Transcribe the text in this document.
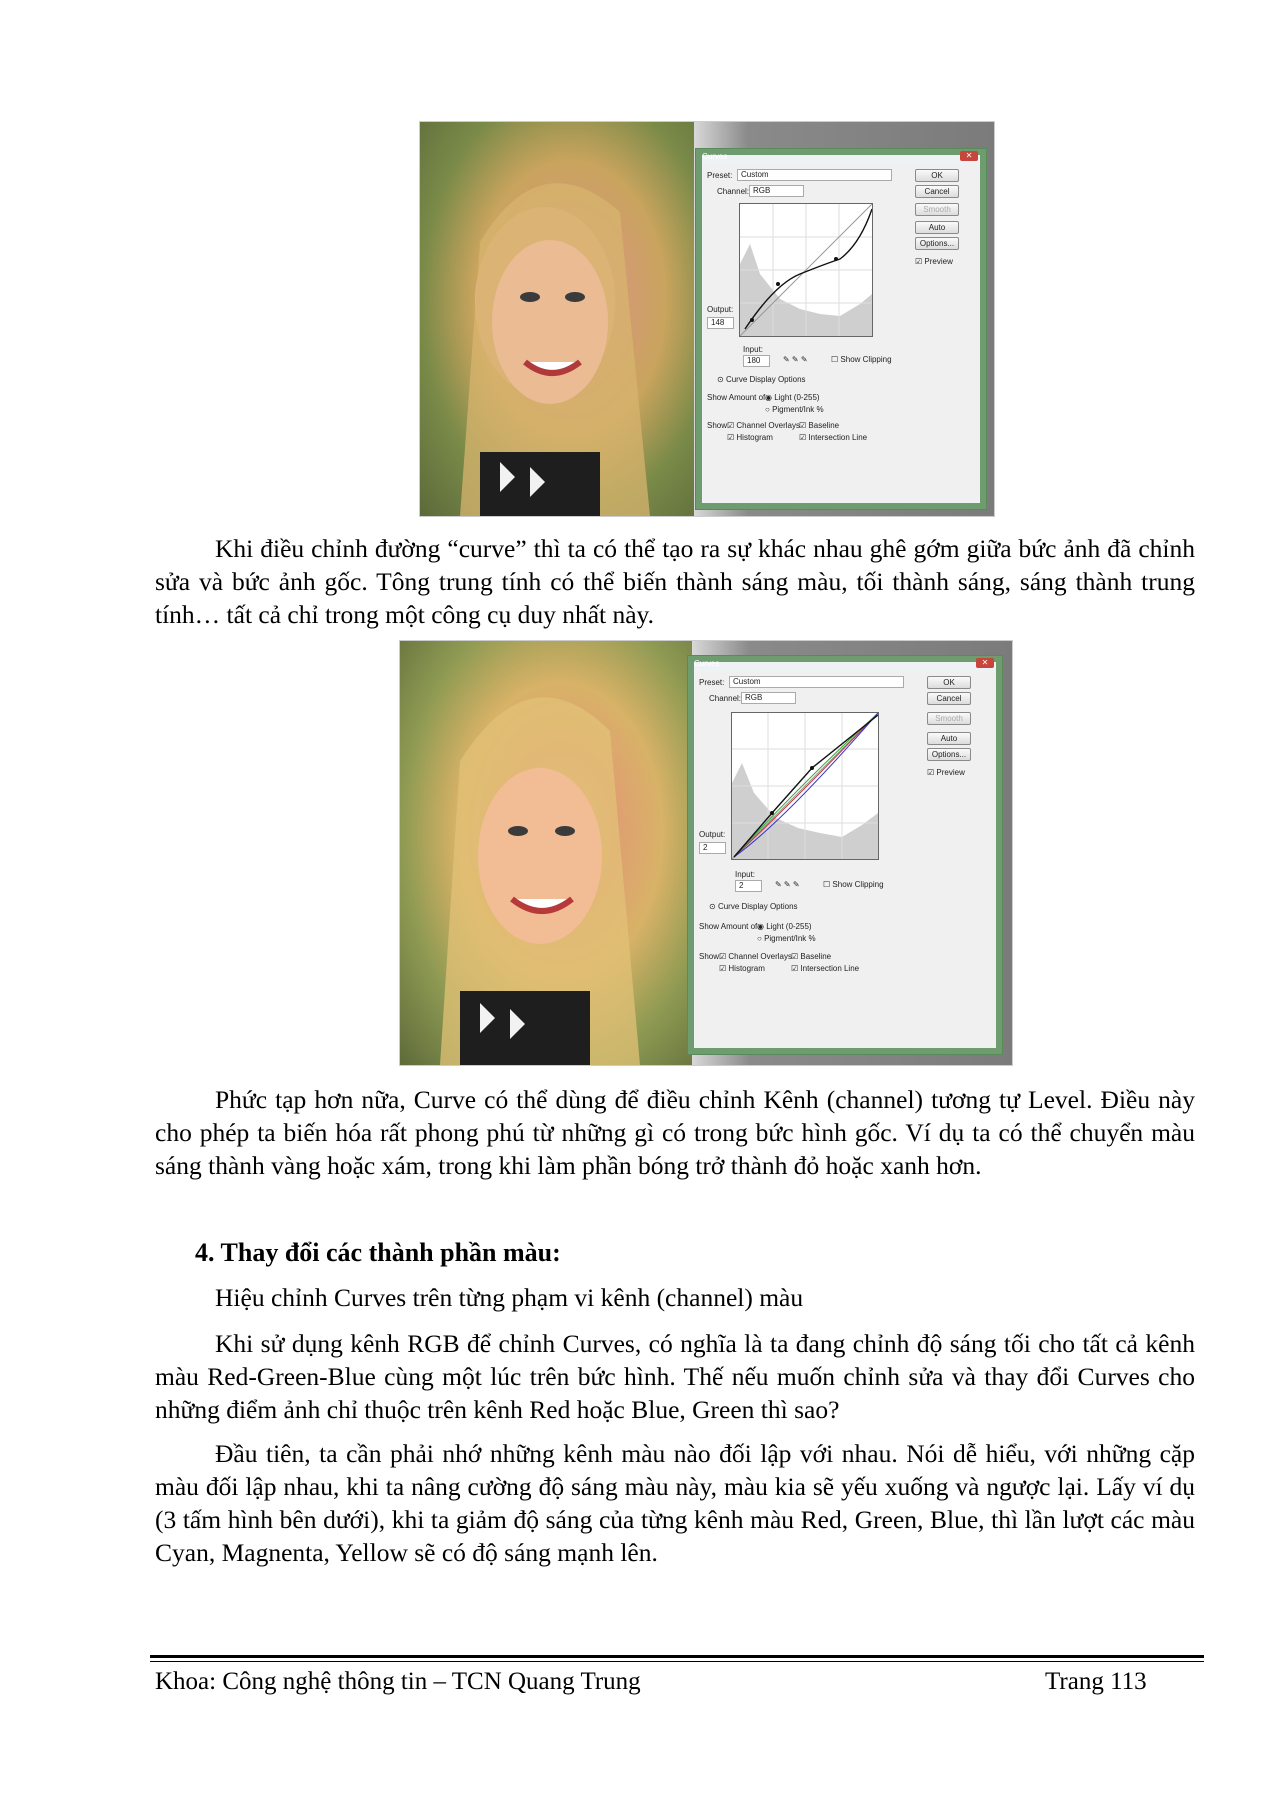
Curves	✕
Preset:	Custom
Channel: RGB
OK
Cancel
Smooth
Auto
Options...
☑ Preview
Output:
148
Input:
180	✎ ✎ ✎	☐ Show Clipping
⊙ Curve Display Options
Show Amount of:
◉ Light (0-255)
○ Pigment/Ink %
Show:
☑ Channel Overlays ☑ Baseline
☑ Histogram	☑ Intersection Line

Khi điều chỉnh đường “curve” thì ta có thể tạo ra sự khác nhau ghê gớm giữa bức ảnh đã chỉnh sửa và bức ảnh gốc. Tông trung tính có thể biến thành sáng màu, tối thành sáng, sáng thành trung tính… tất cả chỉ trong một công cụ duy nhất này.

Curves	✕
Preset:	Custom
Channel: RGB
OK
Cancel
Smooth
Auto
Options...
☑ Preview
Output:
2
Input:
2	✎ ✎ ✎	☐ Show Clipping
⊙ Curve Display Options
Show Amount of:
◉ Light (0-255)
○ Pigment/Ink %
Show:
☑ Channel Overlays ☑ Baseline
☑ Histogram	☑ Intersection Line

Phức tạp hơn nữa, Curve có thể dùng để điều chỉnh Kênh (channel) tương tự Level. Điều này cho phép ta biến hóa rất phong phú từ những gì có trong bức hình gốc. Ví dụ ta có thể chuyển màu sáng thành vàng hoặc xám, trong khi làm phần bóng trở thành đỏ hoặc xanh hơn.

4. Thay đổi các thành phần màu:

Hiệu chỉnh Curves trên từng phạm vi kênh (channel) màu

Khi sử dụng kênh RGB để chỉnh Curves, có nghĩa là ta đang chỉnh độ sáng tối cho tất cả kênh màu Red-Green-Blue cùng một lúc trên bức hình. Thế nếu muốn chỉnh sửa và thay đổi Curves cho những điểm ảnh chỉ thuộc trên kênh Red hoặc Blue, Green thì sao?

Đầu tiên, ta cần phải nhớ những kênh màu nào đối lập với nhau. Nói dễ hiểu, với những cặp màu đối lập nhau, khi ta nâng cường độ sáng màu này, màu kia sẽ yếu xuống và ngược lại. Lấy ví dụ (3 tấm hình bên dưới), khi ta giảm độ sáng của từng kênh màu Red, Green, Blue, thì lần lượt các màu Cyan, Magnenta, Yellow sẽ có độ sáng mạnh lên.

Khoa: Công nghệ thông tin – TCN Quang Trung	Trang 113
